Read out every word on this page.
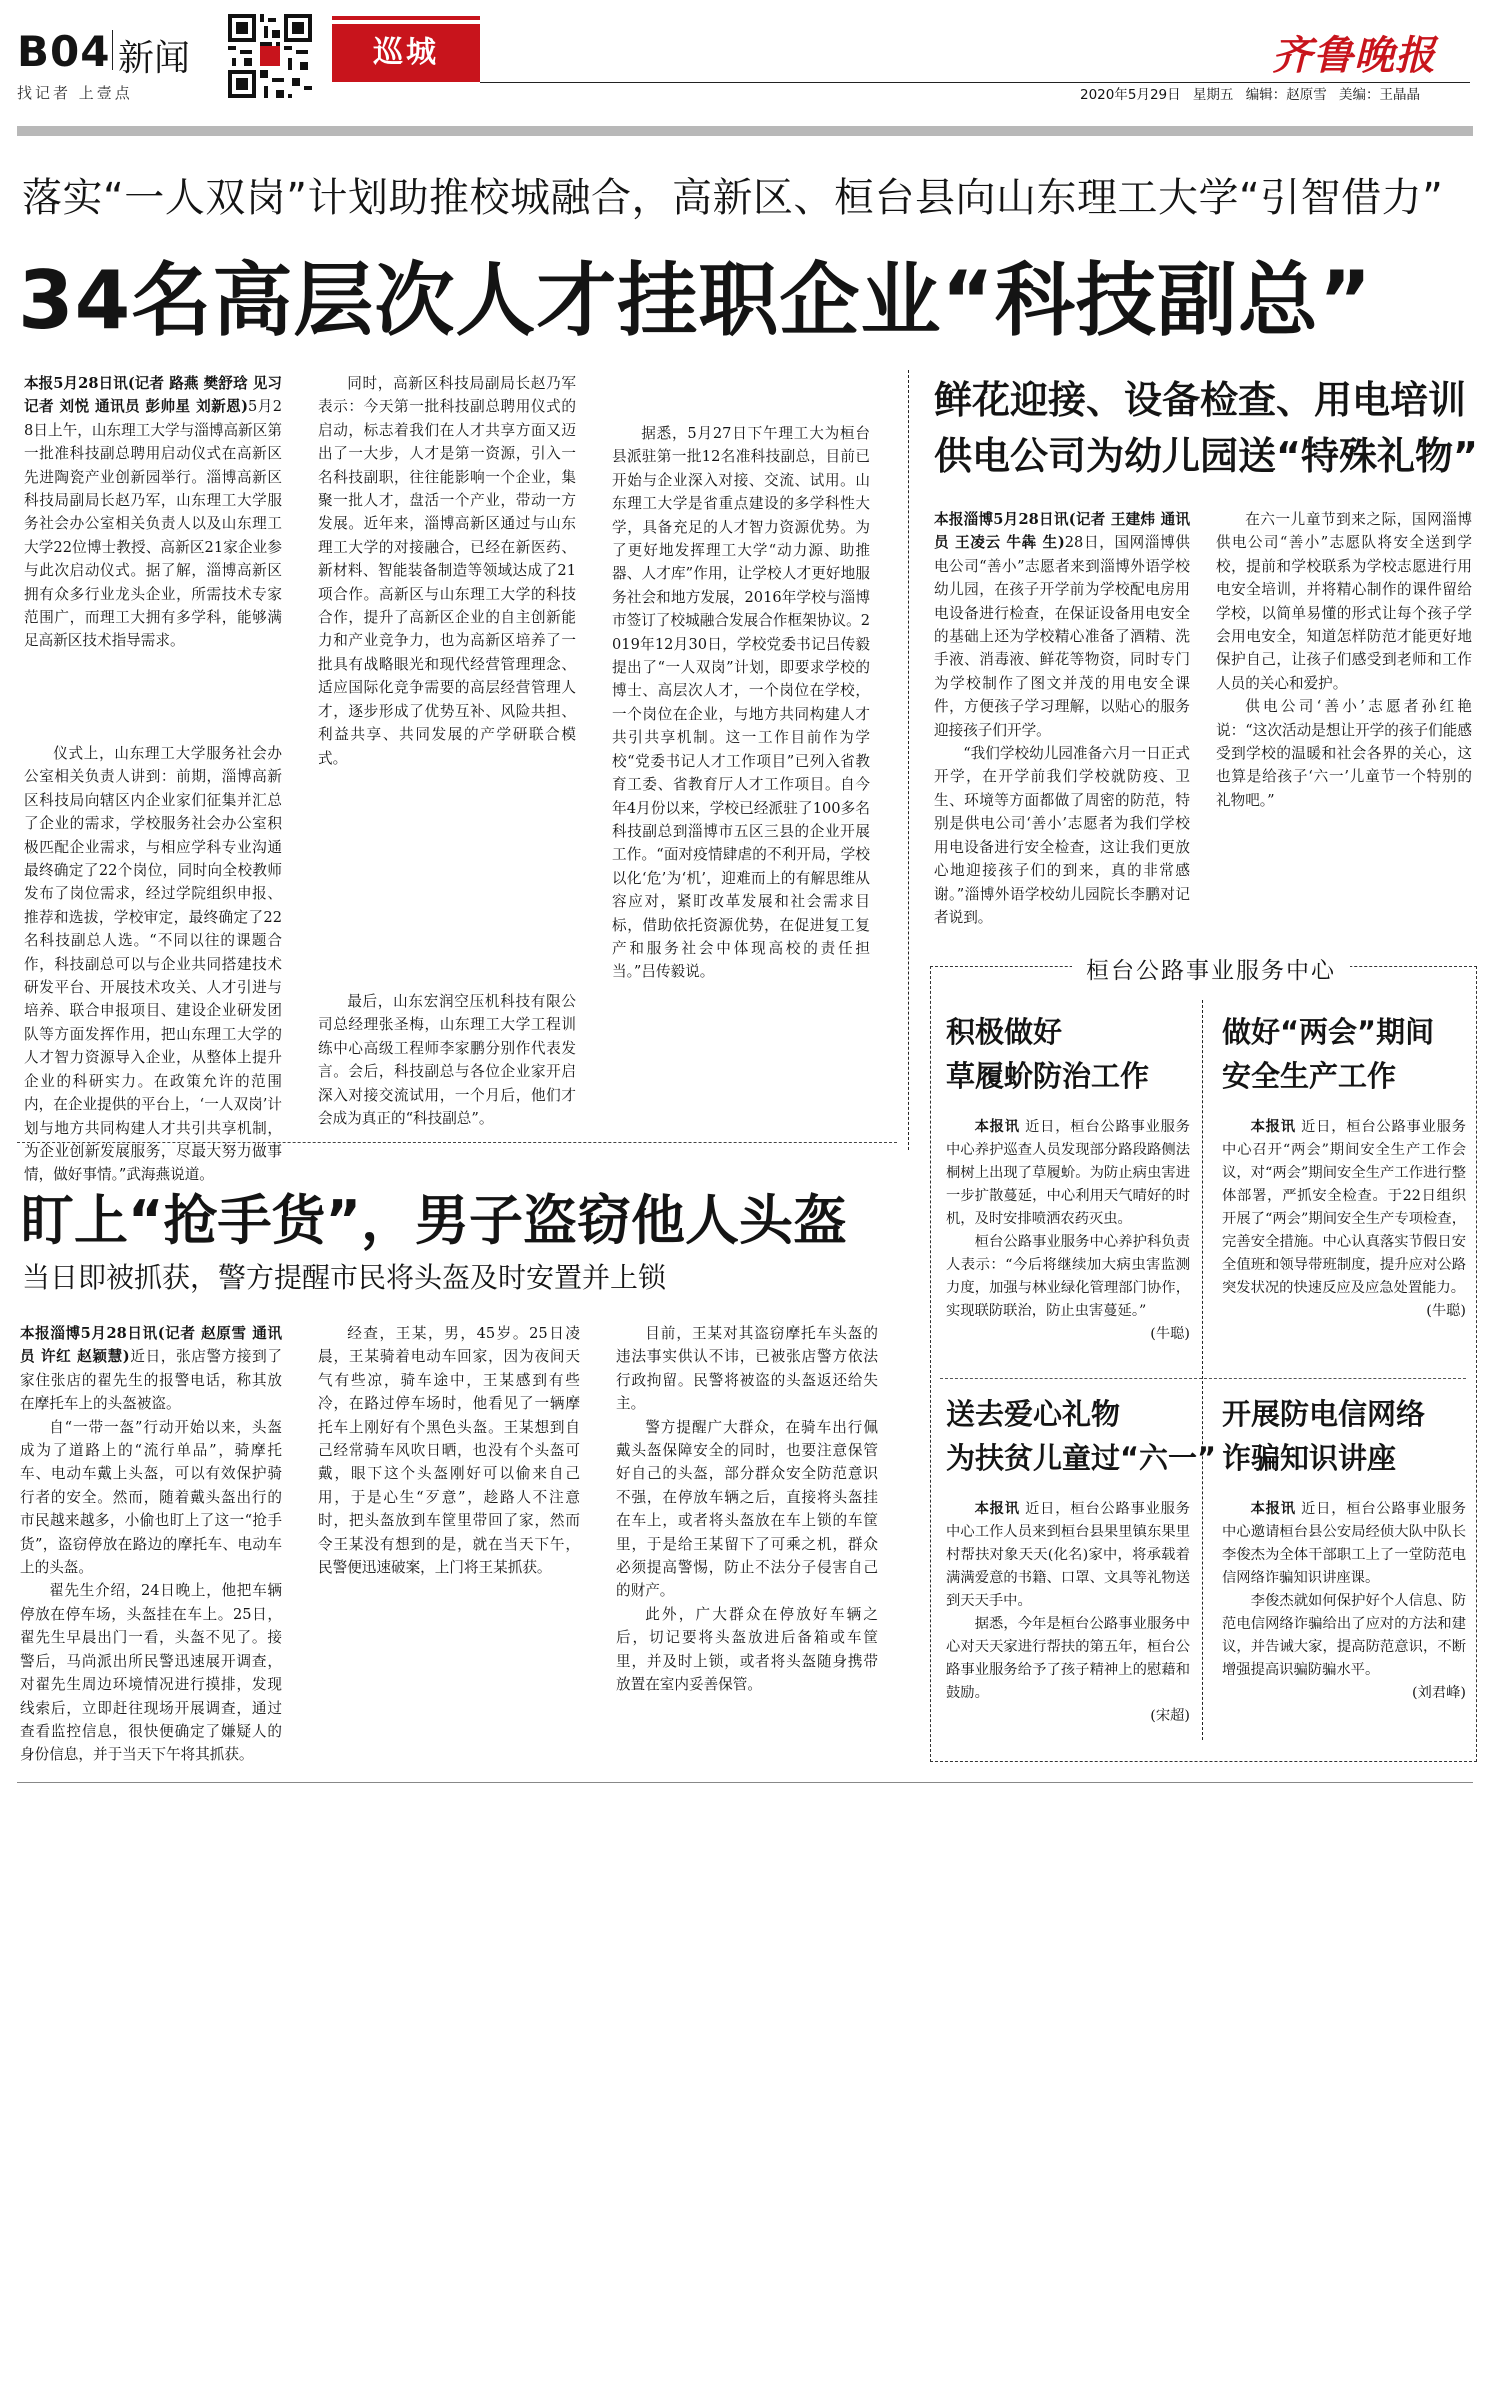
B04 新闻
找记者 上壹点
巡城	齐鲁晚报
2020年5月29日 星期五 编辑：赵原雪 美编：王晶晶
落实“一人双岗”计划助推校城融合，高新区、桓台县向山东理工大学“引智借力”
34名高层次人才挂职企业“科技副总”

本报5月28日讯(记者 路燕 樊舒琀 见习记者 刘悦 通讯员 彭帅星 刘新恩)5月28日上午，山东理工大学与淄博高新区第一批准科技副总聘用启动仪式在高新区先进陶瓷产业创新园举行。淄博高新区科技局副局长赵乃军，山东理工大学服务社会办公室相关负责人以及山东理工大学22位博士教授、高新区21家企业参与此次启动仪式。据了解，淄博高新区拥有众多行业龙头企业，所需技术专家范围广，而理工大拥有多学科，能够满足高新区技术指导需求。

仪式上，山东理工大学服务社会办公室相关负责人讲到：前期，淄博高新区科技局向辖区内企业家们征集并汇总了企业的需求，学校服务社会办公室积极匹配企业需求，与相应学科专业沟通最终确定了22个岗位，同时向全校教师发布了岗位需求，经过学院组织申报、推荐和选拔，学校审定，最终确定了22名科技副总人选。“不同以往的课题合作，科技副总可以与企业共同搭建技术研发平台、开展技术攻关、人才引进与培养、联合申报项目、建设企业研发团队等方面发挥作用，把山东理工大学的人才智力资源导入企业，从整体上提升企业的科研实力。在政策允许的范围内，在企业提供的平台上，‘一人双岗’计划与地方共同构建人才共引共享机制，为企业创新发展服务，尽最大努力做事情，做好事情。”武海燕说道。

同时，高新区科技局副局长赵乃军表示：今天第一批科技副总聘用仪式的启动，标志着我们在人才共享方面又迈出了一大步，人才是第一资源，引入一名科技副职，往往能影响一个企业，集聚一批人才，盘活一个产业，带动一方发展。近年来，淄博高新区通过与山东理工大学的对接融合，已经在新医药、新材料、智能装备制造等领域达成了21项合作。高新区与山东理工大学的科技合作，提升了高新区企业的自主创新能力和产业竞争力，也为高新区培养了一批具有战略眼光和现代经营管理理念、适应国际化竞争需要的高层经营管理人才，逐步形成了优势互补、风险共担、利益共享、共同发展的产学研联合模式。

最后，山东宏润空压机科技有限公司总经理张圣梅，山东理工大学工程训练中心高级工程师李家鹏分别作代表发言。会后，科技副总与各位企业家开启深入对接交流试用，一个月后，他们才会成为真正的“科技副总”。

据悉，5月27日下午理工大为桓台县派驻第一批12名准科技副总，目前已开始与企业深入对接、交流、试用。山东理工大学是省重点建设的多学科性大学，具备充足的人才智力资源优势。为了更好地发挥理工大学“动力源、助推器、人才库”作用，让学校人才更好地服务社会和地方发展，2016年学校与淄博市签订了校城融合发展合作框架协议。2019年12月30日，学校党委书记吕传毅提出了“一人双岗”计划，即要求学校的博士、高层次人才，一个岗位在学校，一个岗位在企业，与地方共同构建人才共引共享机制。这一工作目前作为学校“党委书记人才工作项目”已列入省教育工委、省教育厅人才工作项目。自今年4月份以来，学校已经派驻了100多名科技副总到淄博市五区三县的企业开展工作。“面对疫情肆虐的不利开局，学校以化‘危’为‘机’，迎难而上的有解思维从容应对，紧盯改革发展和社会需求目标，借助依托资源优势，在促进复工复产和服务社会中体现高校的责任担当。”吕传毅说。

鲜花迎接、设备检查、用电培训
供电公司为幼儿园送“特殊礼物”

本报淄博5月28日讯(记者 王建炜 通讯员 王凌云 牛犇 生)28日，国网淄博供电公司“善小”志愿者来到淄博外语学校幼儿园，在孩子开学前为学校配电房用电设备进行检查，在保证设备用电安全的基础上还为学校精心准备了酒精、洗手液、消毒液、鲜花等物资，同时专门为学校制作了图文并茂的用电安全课件，方便孩子学习理解，以贴心的服务迎接孩子们开学。

“我们学校幼儿园准备六月一日正式开学，在开学前我们学校就防疫、卫生、环境等方面都做了周密的防范，特别是供电公司‘善小’志愿者为我们学校用电设备进行安全检查，这让我们更放心地迎接孩子们的到来，真的非常感谢。”淄博外语学校幼儿园院长李鹏对记者说到。

在六一儿童节到来之际，国网淄博供电公司“善小”志愿队将安全送到学校，提前和学校联系为学校志愿进行用电安全培训，并将精心制作的课件留给学校，以简单易懂的形式让每个孩子学会用电安全，知道怎样防范才能更好地保护自己，让孩子们感受到老师和工作人员的关心和爱护。

供电公司‘善小’志愿者孙红艳说：“这次活动是想让开学的孩子们能感受到学校的温暖和社会各界的关心，这也算是给孩子‘六一’儿童节一个特别的礼物吧。”

盯上“抢手货”，男子盗窃他人头盔
当日即被抓获，警方提醒市民将头盔及时安置并上锁

本报淄博5月28日讯(记者 赵原雪 通讯员 许红 赵颖慧)近日，张店警方接到了家住张店的翟先生的报警电话，称其放在摩托车上的头盔被盗。

自“一带一盔”行动开始以来，头盔成为了道路上的“流行单品”，骑摩托车、电动车戴上头盔，可以有效保护骑行者的安全。然而，随着戴头盔出行的市民越来越多，小偷也盯上了这一“抢手货”，盗窃停放在路边的摩托车、电动车上的头盔。

翟先生介绍，24日晚上，他把车辆停放在停车场，头盔挂在车上。25日，翟先生早晨出门一看，头盔不见了。接警后，马尚派出所民警迅速展开调查，对翟先生周边环境情况进行摸排，发现线索后，立即赶往现场开展调查，通过查看监控信息，很快便确定了嫌疑人的身份信息，并于当天下午将其抓获。

经查，王某，男，45岁。25日凌晨，王某骑着电动车回家，因为夜间天气有些凉，骑车途中，王某感到有些冷，在路过停车场时，他看见了一辆摩托车上刚好有个黑色头盔。王某想到自己经常骑车风吹日晒，也没有个头盔可戴，眼下这个头盔刚好可以偷来自己用，于是心生“歹意”，趁路人不注意时，把头盔放到车筐里带回了家，然而令王某没有想到的是，就在当天下午，民警便迅速破案，上门将王某抓获。

目前，王某对其盗窃摩托车头盔的违法事实供认不讳，已被张店警方依法行政拘留。民警将被盗的头盔返还给失主。

警方提醒广大群众，在骑车出行佩戴头盔保障安全的同时，也要注意保管好自己的头盔，部分群众安全防范意识不强，在停放车辆之后，直接将头盔挂在车上，或者将头盔放在车上锁的车筐里，于是给王某留下了可乘之机，群众必须提高警惕，防止不法分子侵害自己的财产。

此外，广大群众在停放好车辆之后，切记要将头盔放进后备箱或车筐里，并及时上锁，或者将头盔随身携带放置在室内妥善保管。

桓台公路事业服务中心
积极做好
草履蚧防治工作

本报讯 近日，桓台公路事业服务中心养护巡查人员发现部分路段路侧法桐树上出现了草履蚧。为防止病虫害进一步扩散蔓延，中心利用天气晴好的时机，及时安排喷洒农药灭虫。

桓台公路事业服务中心养护科负责人表示：“今后将继续加大病虫害监测力度，加强与林业绿化管理部门协作，实现联防联治，防止虫害蔓延。”

(牛聪)
做好“两会”期间
安全生产工作

本报讯 近日，桓台公路事业服务中心召开“两会”期间安全生产工作会议，对“两会”期间安全生产工作进行整体部署，严抓安全检查。于22日组织开展了“两会”期间安全生产专项检查，完善安全措施。中心认真落实节假日安全值班和领导带班制度，提升应对公路突发状况的快速反应及应急处置能力。

(牛聪)
送去爱心礼物
为扶贫儿童过“六一”

本报讯 近日，桓台公路事业服务中心工作人员来到桓台县果里镇东果里村帮扶对象天天(化名)家中，将承载着满满爱意的书籍、口罩、文具等礼物送到天天手中。

据悉，今年是桓台公路事业服务中心对天天家进行帮扶的第五年，桓台公路事业服务给予了孩子精神上的慰藉和鼓励。

(宋超)
开展防电信网络
诈骗知识讲座

本报讯 近日，桓台公路事业服务中心邀请桓台县公安局经侦大队中队长李俊杰为全体干部职工上了一堂防范电信网络诈骗知识讲座课。

李俊杰就如何保护好个人信息、防范电信网络诈骗给出了应对的方法和建议，并告诫大家，提高防范意识，不断增强提高识骗防骗水平。

(刘君峰)
